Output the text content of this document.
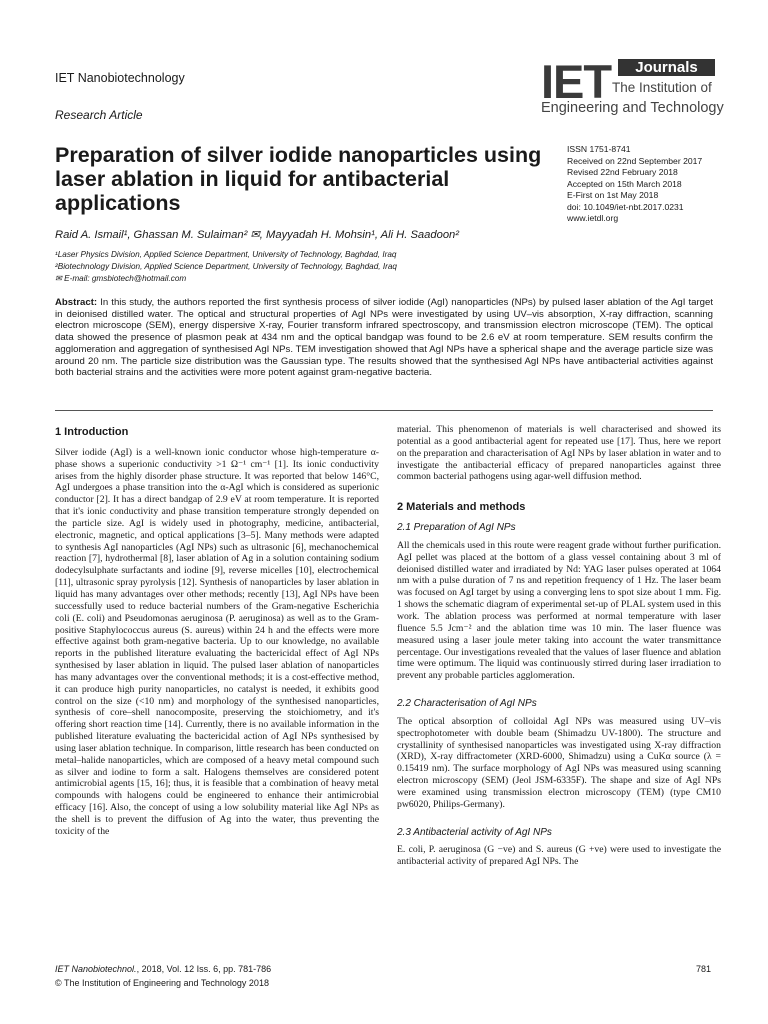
IET Nanobiotechnology
Research Article
IET	Journals
The Institution of
Engineering and Technology
Preparation of silver iodide nanoparticles using laser ablation in liquid for antibacterial applications
ISSN 1751-8741
Received on 22nd September 2017
Revised 22nd February 2018
Accepted on 15th March 2018
E-First on 1st May 2018
doi: 10.1049/iet-nbt.2017.0231
www.ietdl.org
Raid A. Ismail¹, Ghassan M. Sulaiman² ✉, Mayyadah H. Mohsin¹, Ali H. Saadoon²
¹Laser Physics Division, Applied Science Department, University of Technology, Baghdad, Iraq
²Biotechnology Division, Applied Science Department, University of Technology, Baghdad, Iraq
✉ E-mail: gmsbiotech@hotmail.com
Abstract: In this study, the authors reported the first synthesis process of silver iodide (AgI) nanoparticles (NPs) by pulsed laser ablation of the AgI target in deionised distilled water. The optical and structural properties of AgI NPs were investigated by using UV–vis absorption, X-ray diffraction, scanning electron microscope (SEM), energy dispersive X-ray, Fourier transform infrared spectroscopy, and transmission electron microscope (TEM). The optical data showed the presence of plasmon peak at 434 nm and the optical bandgap was found to be 2.6 eV at room temperature. SEM results confirm the agglomeration and aggregation of synthesised AgI NPs. TEM investigation showed that AgI NPs have a spherical shape and the average particle size was around 20 nm. The particle size distribution was the Gaussian type. The results showed that the synthesised AgI NPs have antibacterial activities against both bacterial strains and the activities were more potent against gram-negative bacteria.
1 Introduction

Silver iodide (AgI) is a well-known ionic conductor whose high-temperature α-phase shows a superionic conductivity >1 Ω⁻¹ cm⁻¹ [1]. Its ionic conductivity arises from the highly disorder phase structure. It was reported that below 146°C, AgI undergoes a phase transition into the α-AgI which is considered as superionic conductor [2]. It has a direct bandgap of 2.9 eV at room temperature. It is reported that it's ionic conductivity and phase transition temperature strongly depended on the particle size. AgI is widely used in photography, medicine, antibacterial, electronic, magnetic, and optical applications [3–5]. Many methods were adapted to synthesis AgI nanoparticles (AgI NPs) such as ultrasonic [6], mechanochemical reaction [7], hydrothermal [8], laser ablation of Ag in a solution containing sodium dodecylsulphate surfactants and iodine [9], reverse micelles [10], electrochemical [11], ultrasonic spray pyrolysis [12]. Synthesis of nanoparticles by laser ablation in liquid has many advantages over other methods; recently [13], AgI NPs have been successfully used to reduce bacterial numbers of the Gram-negative Escherichia coli (E. coli) and Pseudomonas aeruginosa (P. aeruginosa) as well as to the Gram-positive Staphylococcus aureus (S. aureus) within 24 h and the effects were more effective against both gram-negative bacteria. Up to our knowledge, no available reports in the published literature evaluating the bactericidal effect of AgI NPs synthesised by laser ablation in liquid. The pulsed laser ablation of nanoparticles has many advantages over the conventional methods; it is a cost-effective method, it can produce high purity nanoparticles, no catalyst is needed, it exhibits good control on the size (<10 nm) and morphology of the synthesised nanoparticles, synthesis of core–shell nanocomposite, preserving the stoichiometry, and it's offering short reaction time [14]. Currently, there is no available information in the published literature evaluating the bactericidal action of AgI NPs synthesised by using laser ablation technique. In comparison, little research has been conducted on metal–halide nanoparticles, which are composed of a heavy metal compound such as silver and iodine to form a salt. Halogens themselves are considered potent antimicrobial agents [15, 16]; thus, it is feasible that a combination of heavy metal compounds with halogens could be engineered to enhance their antimicrobial efficacy [16]. Also, the concept of using a low solubility material like AgI NPs as the shell is to prevent the diffusion of Ag into the water, thus preventing the toxicity of the

material. This phenomenon of materials is well characterised and showed its potential as a good antibacterial agent for repeated use [17]. Thus, here we report on the preparation and characterisation of AgI NPs by laser ablation in water and to investigate the antibacterial efficacy of prepared nanoparticles against three common bacterial pathogens using agar-well diffusion method.

2 Materials and methods
2.1 Preparation of AgI NPs

All the chemicals used in this route were reagent grade without further purification. AgI pellet was placed at the bottom of a glass vessel containing about 3 ml of deionised distilled water and irradiated by Nd: YAG laser pulses operated at 1064 nm with a pulse duration of 7 ns and repetition frequency of 1 Hz. The laser beam was focused on AgI target by using a converging lens to spot size about 1 mm. Fig. 1 shows the schematic diagram of experimental set-up of PLAL system used in this work. The ablation process was performed at normal temperature with laser fluence 5.5 Jcm⁻² and the ablation time was 10 min. The laser fluence was measured using a laser joule meter taking into account the water transmittance percentage. Our investigations revealed that the values of laser fluence and ablation time were optimum. The liquid was continuously stirred during laser irradiation to prevent any probable particles agglomeration.

2.2 Characterisation of AgI NPs

The optical absorption of colloidal AgI NPs was measured using UV–vis spectrophotometer with double beam (Shimadzu UV-1800). The structure and crystallinity of synthesised nanoparticles was investigated using X-ray diffraction (XRD), X-ray diffractometer (XRD-6000, Shimadzu) using a CuKα source (λ = 0.15419 nm). The surface morphology of AgI NPs was measured using scanning electron microscopy (SEM) (Jeol JSM-6335F). The shape and size of AgI NPs were examined using transmission electron microscopy (TEM) (type CM10 pw6020, Philips-Germany).

2.3 Antibacterial activity of AgI NPs

E. coli, P. aeruginosa (G −ve) and S. aureus (G +ve) were used to investigate the antibacterial activity of prepared AgI NPs. The

IET Nanobiotechnol., 2018, Vol. 12 Iss. 6, pp. 781-786
© The Institution of Engineering and Technology 2018
781
